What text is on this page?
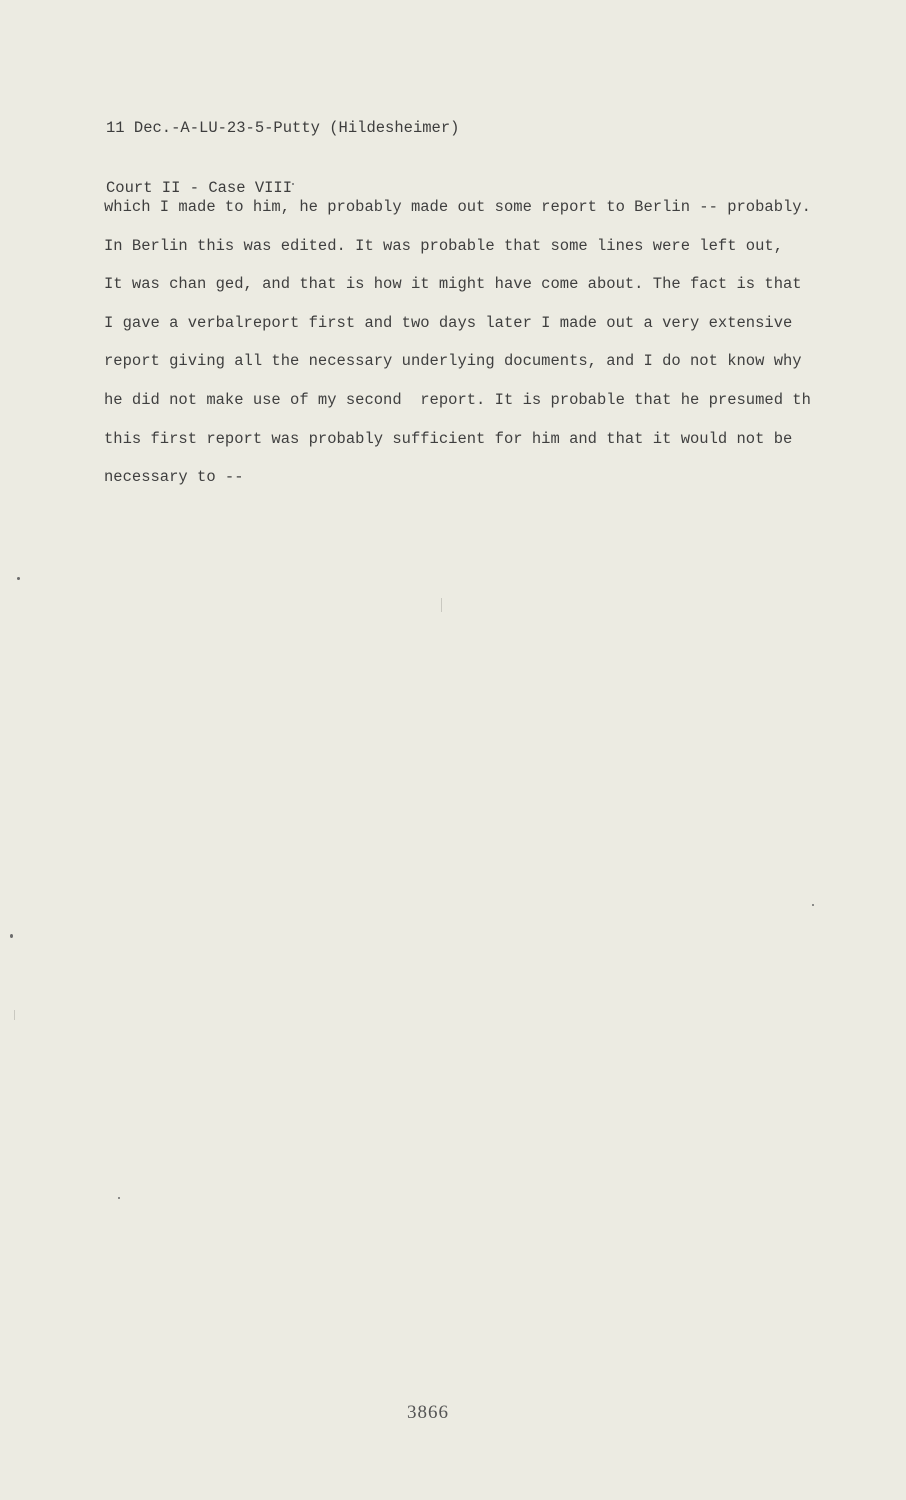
11 Dec.-A-LU-23-5-Putty (Hildesheimer)

Court II - Case VIII

which I made to him, he probably made out some report to Berlin -- probably.
In Berlin this was edited. It was probable that some lines were left out,
It was chan ged, and that is how it might have come about. The fact is that
I gave a verbalreport first and two days later I made out a very extensive
report giving all the necessary underlying documents, and I do not know why
he did not make use of my second  report. It is probable that he presumed th
this first report was probably sufficient for him and that it would not be
necessary to --
3866
